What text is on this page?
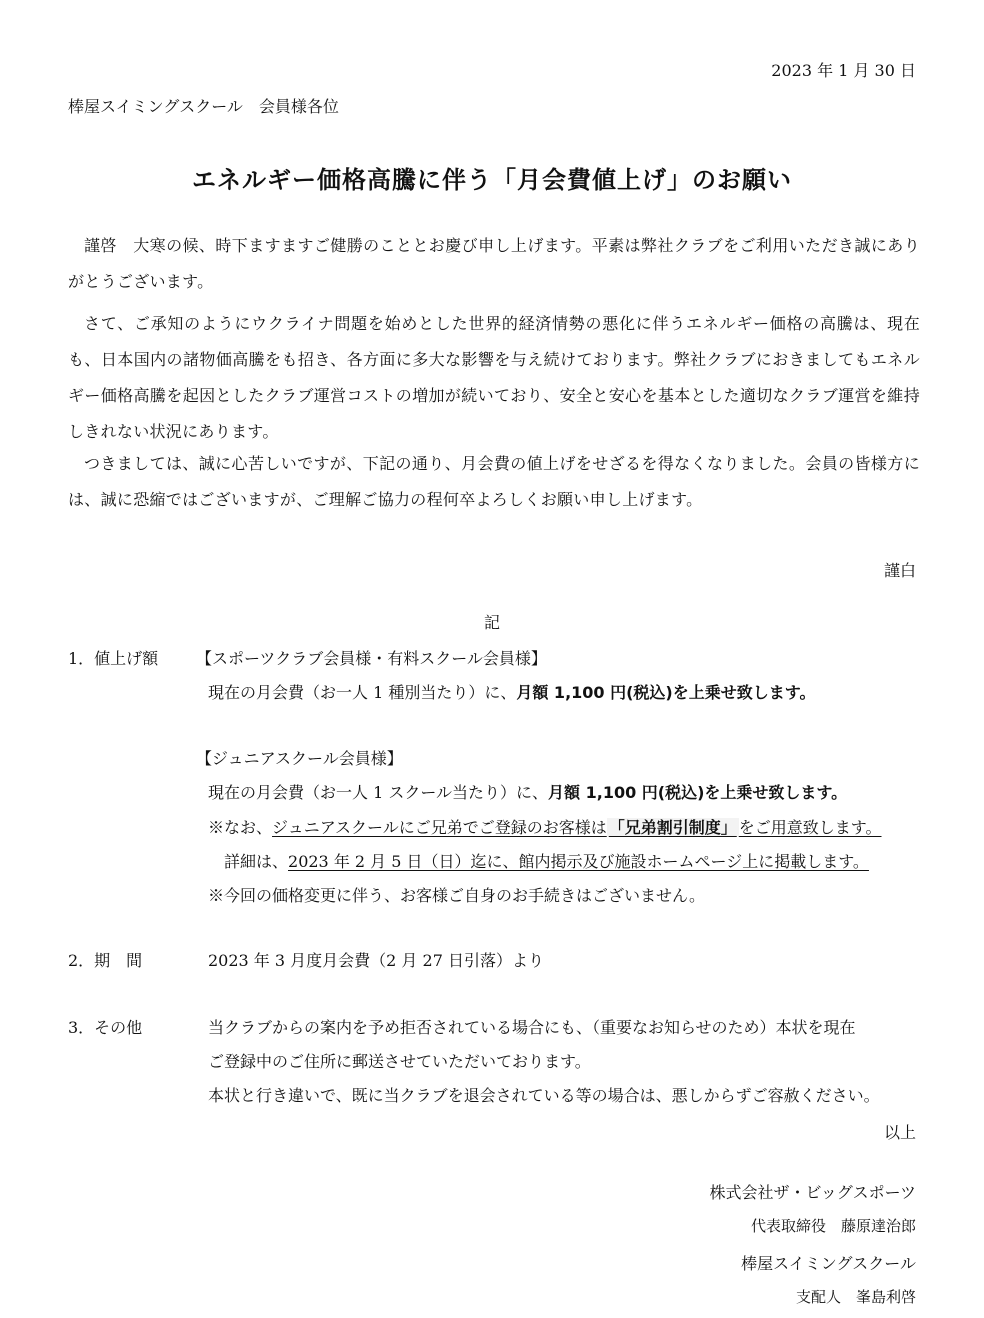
2023 年 1 月 30 日
棒屋スイミングスクール　会員様各位
エネルギー価格高騰に伴う「月会費値上げ」のお願い
謹啓　大寒の候、時下ますますご健勝のこととお慶び申し上げます。平素は弊社クラブをご利用いただき誠にありがとうございます。
さて、ご承知のようにウクライナ問題を始めとした世界的経済情勢の悪化に伴うエネルギー価格の高騰は、現在も、日本国内の諸物価高騰をも招き、各方面に多大な影響を与え続けております。弊社クラブにおきましてもエネルギー価格高騰を起因としたクラブ運営コストの増加が続いており、安全と安心を基本とした適切なクラブ運営を維持しきれない状況にあります。
つきましては、誠に心苦しいですが、下記の通り、月会費の値上げをせざるを得なくなりました。会員の皆様方には、誠に恐縮ではございますが、ご理解ご協力の程何卒よろしくお願い申し上げます。
謹白
記
1．値上げ額 【スポーツクラブ会員様・有料スクール会員様】
現在の月会費（お一人 1 種別当たり）に、月額 1,100 円(税込)を上乗せ致します。
【ジュニアスクール会員様】
現在の月会費（お一人 1 スクール当たり）に、月額 1,100 円(税込)を上乗せ致します。
※なお、ジュニアスクールにご兄弟でご登録のお客様は 「兄弟割引制度」 をご用意致します。
詳細は、2023 年 2 月 5 日（日）迄に、館内掲示及び施設ホームページ上に掲載します。
※今回の価格変更に伴う、お客様ご自身のお手続きはございません。
2．期　間	2023 年 3 月度月会費（2 月 27 日引落）より
3．その他	当クラブからの案内を予め拒否されている場合にも、（重要なお知らせのため）本状を現在
ご登録中のご住所に郵送させていただいております。
本状と行き違いで、既に当クラブを退会されている等の場合は、悪しからずご容赦ください。
以上
株式会社ザ・ビッグスポーツ
代表取締役　藤原達治郎
棒屋スイミングスクール
支配人　峯島利啓
